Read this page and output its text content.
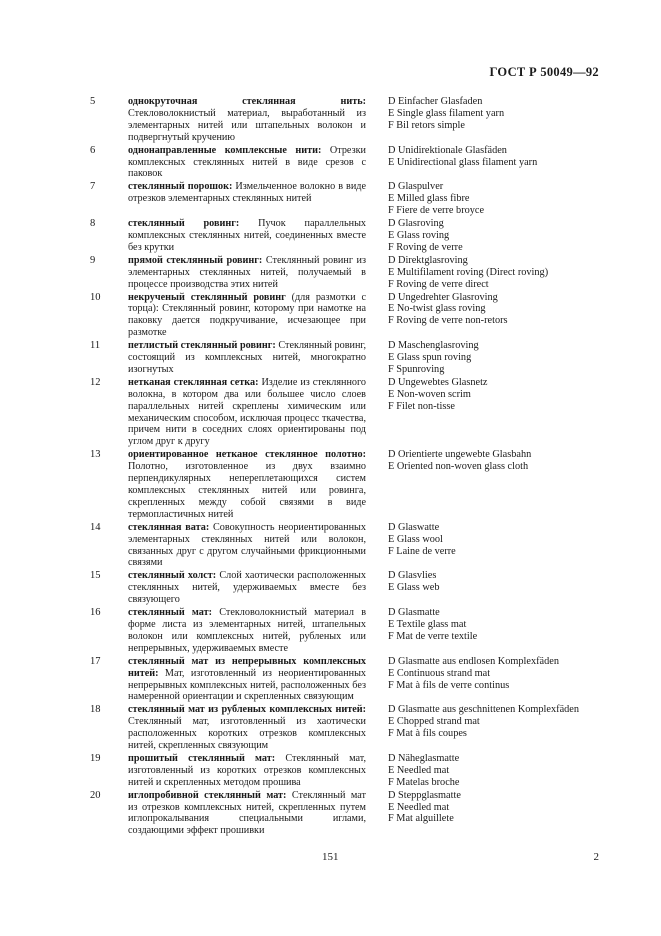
ГОСТ Р 50049—92
5	однокруточная стеклянная нить: Стекловолокнистый материал, выработанный из элементарных нитей или штапельных волокон и подвергнутый кручению
D Einfacher Glasfaden
E Single glass filament yarn
F Bil retors simple
6	однонаправленные комплексные нити: Отрезки комплексных стеклянных нитей в виде срезов с паковок
D Unidirektionale Glasfäden
E Unidirectional glass filament yarn
7	стеклянный порошок: Измельченное волокно в виде отрезков элементарных стеклянных нитей
D Glaspulver
E Milled glass fibre
F Fiere de verre broyce
8	стеклянный ровинг: Пучок параллельных комплексных стеклянных нитей, соединенных вместе без крутки
D Glasroving
E Glass roving
F Roving de verre
9	прямой стеклянный ровинг: Стеклянный ровинг из элементарных стеклянных нитей, получаемый в процессе производства этих нитей
D Direktglasroving
E Multifilament roving (Direct roving)
F Roving de verre direct
10	некрученый стеклянный ровинг (для размотки с торца): Стеклянный ровинг, которому при намотке на паковку дается подкручивание, исчезающее при размотке
D Ungedrehter Glasroving
E No-twist glass roving
F Roving de verre non-retors
11	петлистый стеклянный ровинг: Стеклянный ровинг, состоящий из комплексных нитей, многократно изогнутых
D Maschenglasroving
E Glass spun roving
F Spunroving
12	нетканая стеклянная сетка: Изделие из стеклянного волокна, в котором два или большее число слоев параллельных нитей скреплены химическим или механическим способом, исключая процесс ткачества, причем нити в соседних слоях ориентированы под углом друг к другу
D Ungewebtes Glasnetz
E Non-woven scrim
F Filet non-tisse
13	ориентированное нетканое стеклянное полотно: Полотно, изготовленное из двух взаимно перпендикулярных непереплетающихся систем комплексных стеклянных нитей или ровинга, скрепленных между собой связями в виде термопластичных нитей
D Orientierte ungewebte Glasbahn
E Oriented non-woven glass cloth
14	стеклянная вата: Совокупность неориентированных элементарных стеклянных нитей или волокон, связанных друг с другом случайными фрикционными связями
D Glaswatte
E Glass wool
F Laine de verre
15	стеклянный холст: Слой хаотически расположенных стеклянных нитей, удерживаемых вместе без связующего
D Glasvlies
E Glass web
16	стеклянный мат: Стекловолокнистый материал в форме листа из элементарных нитей, штапельных волокон или комплексных нитей, рубленых или непрерывных, удерживаемых вместе
D Glasmatte
E Textile glass mat
F Mat de verre textile
17	стеклянный мат из непрерывных комплексных нитей: Мат, изготовленный из неориентированных непрерывных комплексных нитей, расположенных без намеренной ориентации и скрепленных связующим
D Glasmatte aus endlosen Komplexfäden
E Continuous strand mat
F Mat à fils de verre continus
18	стеклянный мат из рубленых комплексных нитей: Стеклянный мат, изготовленный из хаотически расположенных коротких отрезков комплексных нитей, скрепленных связующим
D Glasmatte aus geschnittenen Komplexfäden
E Chopped strand mat
F Mat à fils coupes
19	прошитый стеклянный мат: Стеклянный мат, изготовленный из коротких отрезков комплексных нитей и скрепленных методом прошива
D Näheglasmatte
E Needled mat
F Matelas broche
20	иглопробивной стеклянный мат: Стеклянный мат из отрезков комплексных нитей, скрепленных путем иглопрокалывания специальными иглами, создающими эффект прошивки
D Steppglasmatte
E Needled mat
F Mat alguillete
151	2
